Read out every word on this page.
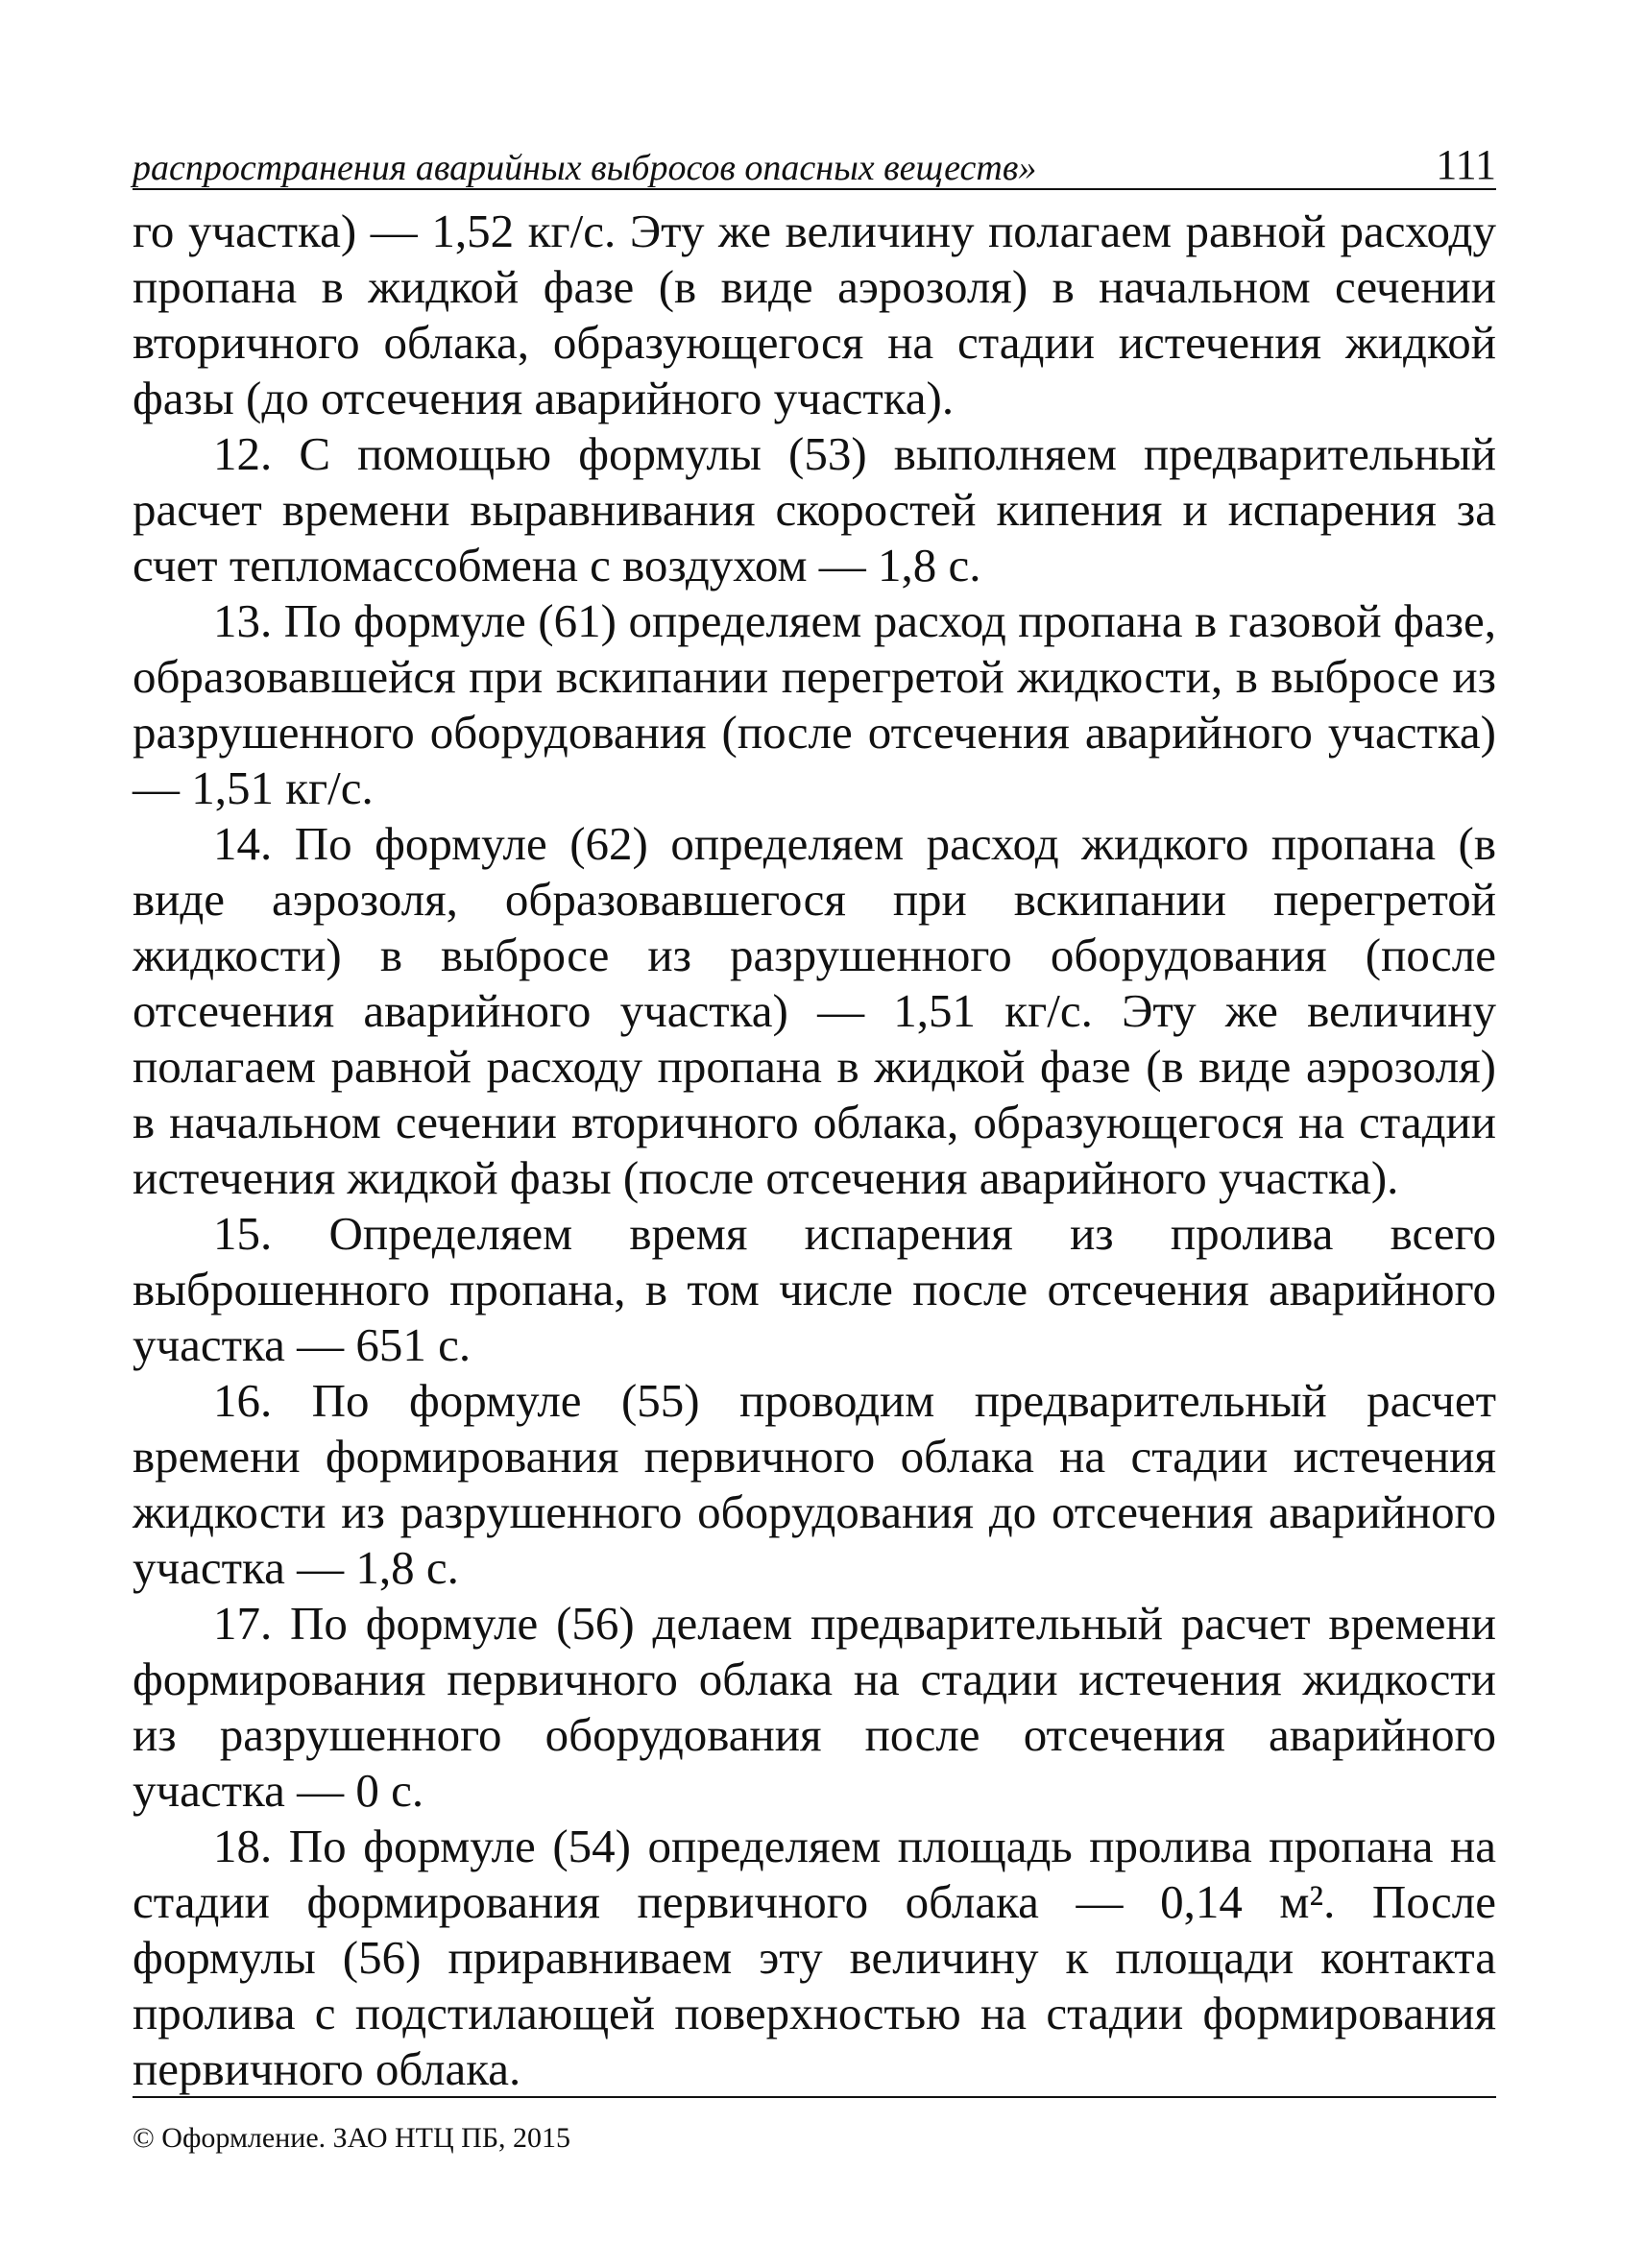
распространения аварийных выбросов опасных веществ»	111

го участка) — 1,52 кг/с. Эту же величину полагаем равной расходу пропана в жидкой фазе (в виде аэрозоля) в начальном сечении вторичного облака, образующегося на стадии истечения жидкой фазы (до отсечения аварийного участка).

12. С помощью формулы (53) выполняем предварительный расчет времени выравнивания скоростей кипения и испарения за счет тепломассобмена с воздухом — 1,8 с.

13. По формуле (61) определяем расход пропана в газовой фазе, образовавшейся при вскипании перегретой жидкости, в выбросе из разрушенного оборудования (после отсечения аварийного участка) — 1,51 кг/с.

14. По формуле (62) определяем расход жидкого пропана (в виде аэрозоля, образовавшегося при вскипании перегретой жидкости) в выбросе из разрушенного оборудования (после отсечения аварийного участка) — 1,51 кг/с. Эту же величину полагаем равной расходу пропана в жидкой фазе (в виде аэрозоля) в начальном сечении вторичного облака, образующегося на стадии истечения жидкой фазы (после отсечения аварийного участка).

15. Определяем время испарения из пролива всего выброшенного пропана, в том числе после отсечения аварийного участка — 651 с.

16. По формуле (55) проводим предварительный расчет времени формирования первичного облака на стадии истечения жидкости из разрушенного оборудования до отсечения аварийного участка — 1,8 с.

17. По формуле (56) делаем предварительный расчет времени формирования первичного облака на стадии истечения жидкости из разрушенного оборудования после отсечения аварийного участка — 0 с.

18. По формуле (54) определяем площадь пролива пропана на стадии формирования первичного облака — 0,14 м². После формулы (56) приравниваем эту величину к площади контакта пролива с подстилающей поверхностью на стадии формирования первичного облака.

© Оформление. ЗАО НТЦ ПБ, 2015
